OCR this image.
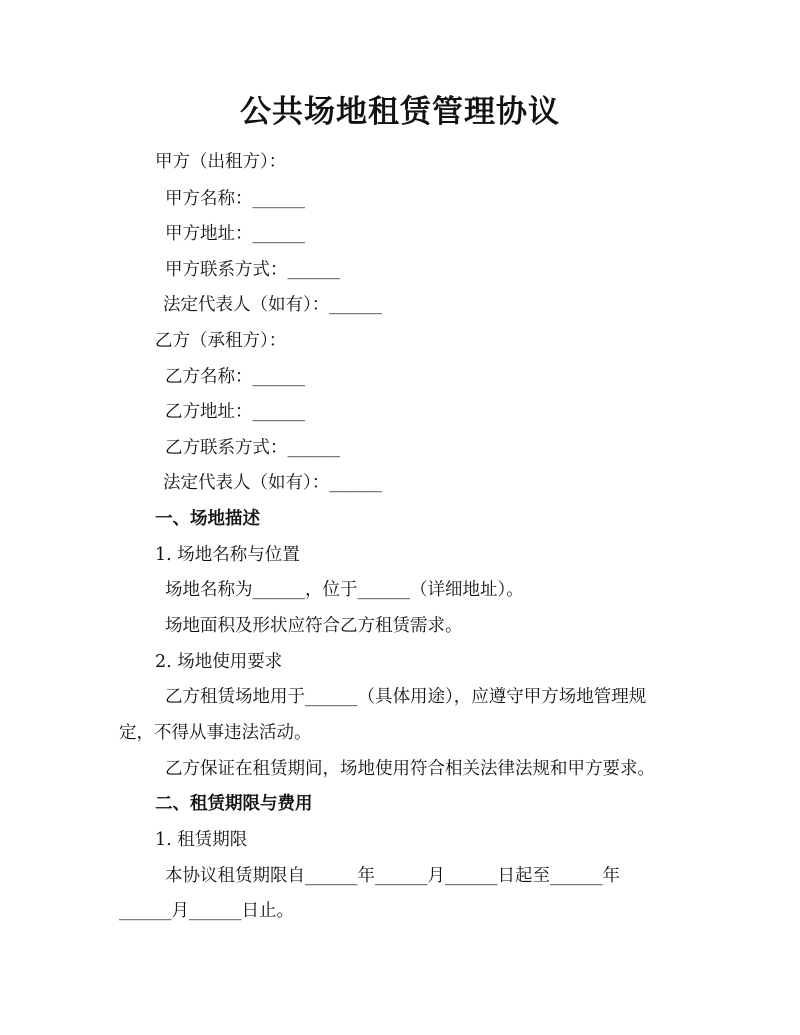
公共场地租赁管理协议
甲方（出租方）：
甲方名称：______
甲方地址：______
甲方联系方式：______
法定代表人（如有）：______
乙方（承租方）：
乙方名称：______
乙方地址：______
乙方联系方式：______
法定代表人（如有）：______
一、场地描述
1. 场地名称与位置
场地名称为______，位于______（详细地址）。
场地面积及形状应符合乙方租赁需求。
2. 场地使用要求
乙方租赁场地用于______（具体用途），应遵守甲方场地管理规
定，不得从事违法活动。
乙方保证在租赁期间，场地使用符合相关法律法规和甲方要求。
二、租赁期限与费用
1. 租赁期限
本协议租赁期限自______年______月______日起至______年
______月______日止。
